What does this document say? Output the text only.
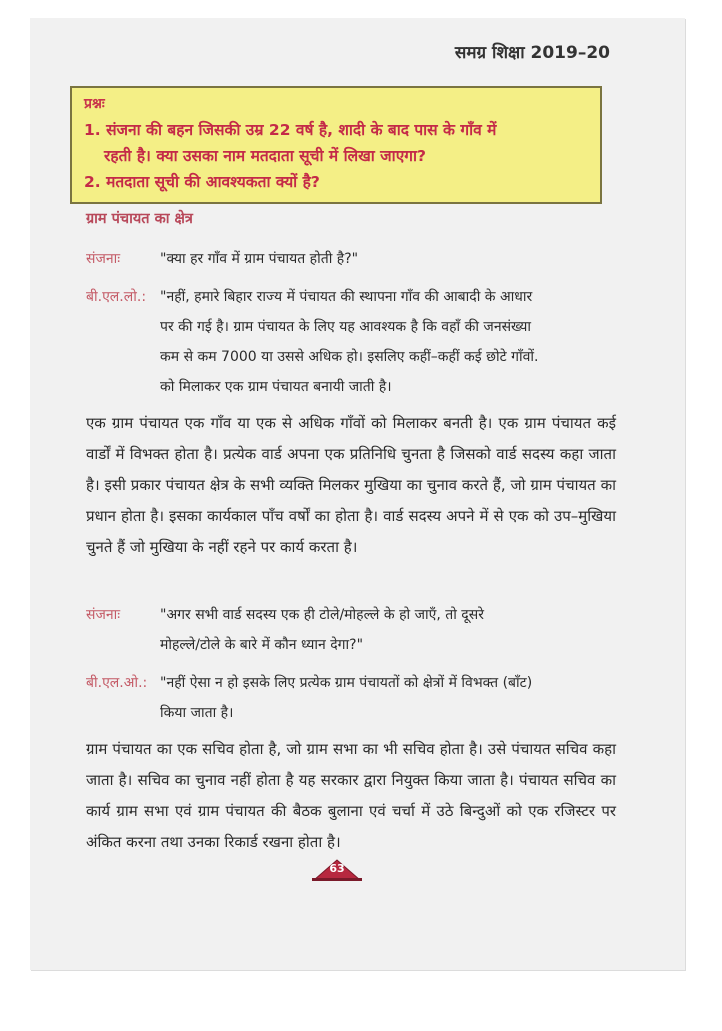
समग्र शिक्षा 2019–20
प्रश्नः
1. संजना की बहन जिसकी उम्र 22 वर्ष है, शादी के बाद पास के गाँव में
रहती है। क्या उसका नाम मतदाता सूची में लिखा जाएगा?
2. मतदाता सूची की आवश्यकता क्यों है?
ग्राम पंचायत का क्षेत्र
संजनाः	"क्या हर गाँव में ग्राम पंचायत होती है?"
बी.एल.लो.: "नहीं, हमारे बिहार राज्य में पंचायत की स्थापना गाँव की आबादी के आधार
पर की गई है। ग्राम पंचायत के लिए यह आवश्यक है कि वहाँ की जनसंख्या
कम से कम 7000 या उससे अधिक हो। इसलिए कहीं–कहीं कई छोटे गाँवों.
को मिलाकर एक ग्राम पंचायत बनायी जाती है।
एक ग्राम पंचायत एक गाँव या एक से अधिक गाँवों को मिलाकर बनती है। एक ग्राम पंचायत कई वार्डों में विभक्त होता है। प्रत्येक वार्ड अपना एक प्रतिनिधि चुनता है जिसको वार्ड सदस्य कहा जाता है। इसी प्रकार पंचायत क्षेत्र के सभी व्यक्ति मिलकर मुखिया का चुनाव करते हैं, जो ग्राम पंचायत का प्रधान होता है। इसका कार्यकाल पाँच वर्षों का होता है। वार्ड सदस्य अपने में से एक को उप–मुखिया चुनते हैं जो मुखिया के नहीं रहने पर कार्य करता है।
संजनाः	"अगर सभी वार्ड सदस्य एक ही टोले/मोहल्ले के हो जाएँ, तो दूसरे
मोहल्ले/टोले के बारे में कौन ध्यान देगा?"
बी.एल.ओ.: "नहीं ऐसा न हो इसके लिए प्रत्येक ग्राम पंचायतों को क्षेत्रों में विभक्त (बाँट)
किया जाता है।
ग्राम पंचायत का एक सचिव होता है, जो ग्राम सभा का भी सचिव होता है। उसे पंचायत सचिव कहा जाता है। सचिव का चुनाव नहीं होता है यह सरकार द्वारा नियुक्त किया जाता है। पंचायत सचिव का कार्य ग्राम सभा एवं ग्राम पंचायत की बैठक बुलाना एवं चर्चा में उठे बिन्दुओं को एक रजिस्टर पर अंकित करना तथा उनका रिकार्ड रखना होता है।
63
